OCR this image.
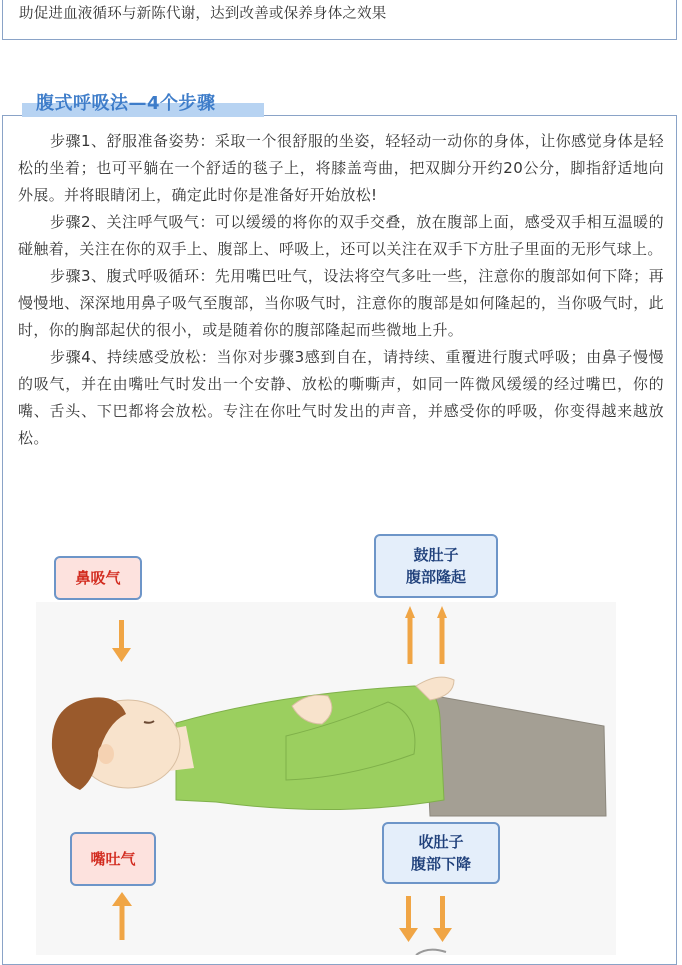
助促进血液循环与新陈代谢，达到改善或保养身体之效果
腹式呼吸法—4个步骤

步骤1、舒服准备姿势：采取一个很舒服的坐姿，轻轻动一动你的身体，让你感觉身体是轻松的坐着；也可平躺在一个舒适的毯子上，将膝盖弯曲，把双脚分开约20公分，脚指舒适地向外展。并将眼睛闭上，确定此时你是准备好开始放松!

步骤2、关注呼气吸气：可以缓缓的将你的双手交叠，放在腹部上面，感受双手相互温暖的碰触着，关注在你的双手上、腹部上、呼吸上，还可以关注在双手下方肚子里面的无形气球上。

步骤3、腹式呼吸循环：先用嘴巴吐气，设法将空气多吐一些，注意你的腹部如何下降；再慢慢地、深深地用鼻子吸气至腹部，当你吸气时，注意你的腹部是如何隆起的，当你吸气时，此时，你的胸部起伏的很小，或是随着你的腹部隆起而些微地上升。

步骤4、持续感受放松：当你对步骤3感到自在，请持续、重覆进行腹式呼吸；由鼻子慢慢的吸气，并在由嘴吐气时发出一个安静、放松的嘶嘶声，如同一阵微风缓缓的经过嘴巴，你的嘴、舌头、下巴都将会放松。专注在你吐气时发出的声音，并感受你的呼吸，你变得越来越放松。

鼻吸气
鼓肚子
腹部隆起
嘴吐气
收肚子
腹部下降
